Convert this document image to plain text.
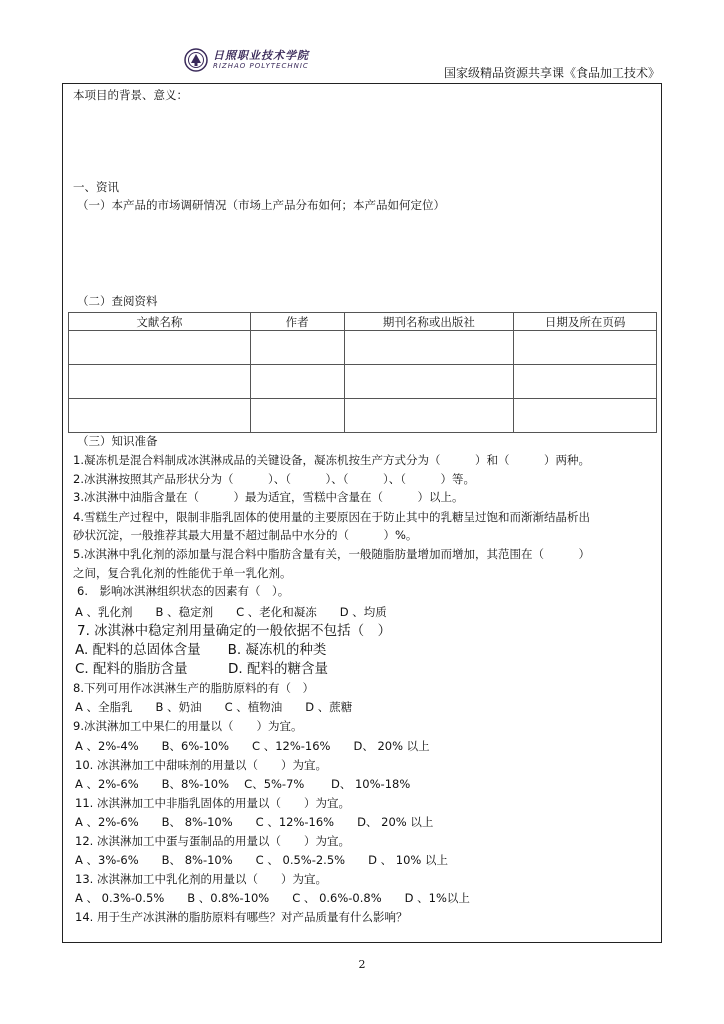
日照职业技术学院
RIZHAO POLYTECHNIC	国家级精品资源共享课《食品加工技术》
本项目的背景、意义：
一、资讯
（一）本产品的市场调研情况（市场上产品分布如何；本产品如何定位）
（二）查阅资料
文献名称	作者	期刊名称或出版社	日期及所在页码

（三）知识准备
1.凝冻机是混合料制成冰淇淋成品的关键设备，凝冻机按生产方式分为（　　　）和（　　　）两种。
2.冰淇淋按照其产品形状分为（　　　）、（　　　）、（　　　）、（　　　）等。
3.冰淇淋中油脂含量在（　　　）最为适宜，雪糕中含量在（　　　）以上。
4.雪糕生产过程中，限制非脂乳固体的使用量的主要原因在于防止其中的乳糖呈过饱和而渐渐结晶析出
砂状沉淀，一般推荐其最大用量不超过制品中水分的（　　　）%。
5.冰淇淋中乳化剂的添加量与混合料中脂肪含量有关，一般随脂肪量增加而增加，其范围在（　　　）
之间，复合乳化剂的性能优于单一乳化剂。
6.　影响冰淇淋组织状态的因素有（　）。
A 、乳化剂　　B 、稳定剂　　C 、老化和凝冻　　D 、均质
7. 冰淇淋中稳定剂用量确定的一般依据不包括（　）
A. 配料的总固体含量　　B. 凝冻机的种类
C. 配料的脂肪含量　　　D. 配料的糖含量
8.下列可用作冰淇淋生产的脂肪原料的有（　）
A 、全脂乳　　B 、奶油　　C 、植物油　　D 、蔗糖
9.冰淇淋加工中果仁的用量以（　　）为宜。
A 、2%-4%　　B、6%-10%　　C 、12%-16%　　D、 20% 以上
10. 冰淇淋加工中甜味剂的用量以（　　）为宜。
A 、2%-6%　　B、8%-10%　 C、5%-7%　　 D、 10%-18%
11. 冰淇淋加工中非脂乳固体的用量以（　　）为宜。
A 、2%-6%　　B、 8%-10%　　C 、12%-16%　　D、 20% 以上
12. 冰淇淋加工中蛋与蛋制品的用量以（　　）为宜。
A 、3%-6%　　B、 8%-10%　　C 、 0.5%-2.5%　　D 、 10% 以上
13. 冰淇淋加工中乳化剂的用量以（　　）为宜。
A 、 0.3%-0.5%　　B 、0.8%-10%　　C 、 0.6%-0.8%　　D 、1%以上
14. 用于生产冰淇淋的脂肪原料有哪些？对产品质量有什么影响？
2
